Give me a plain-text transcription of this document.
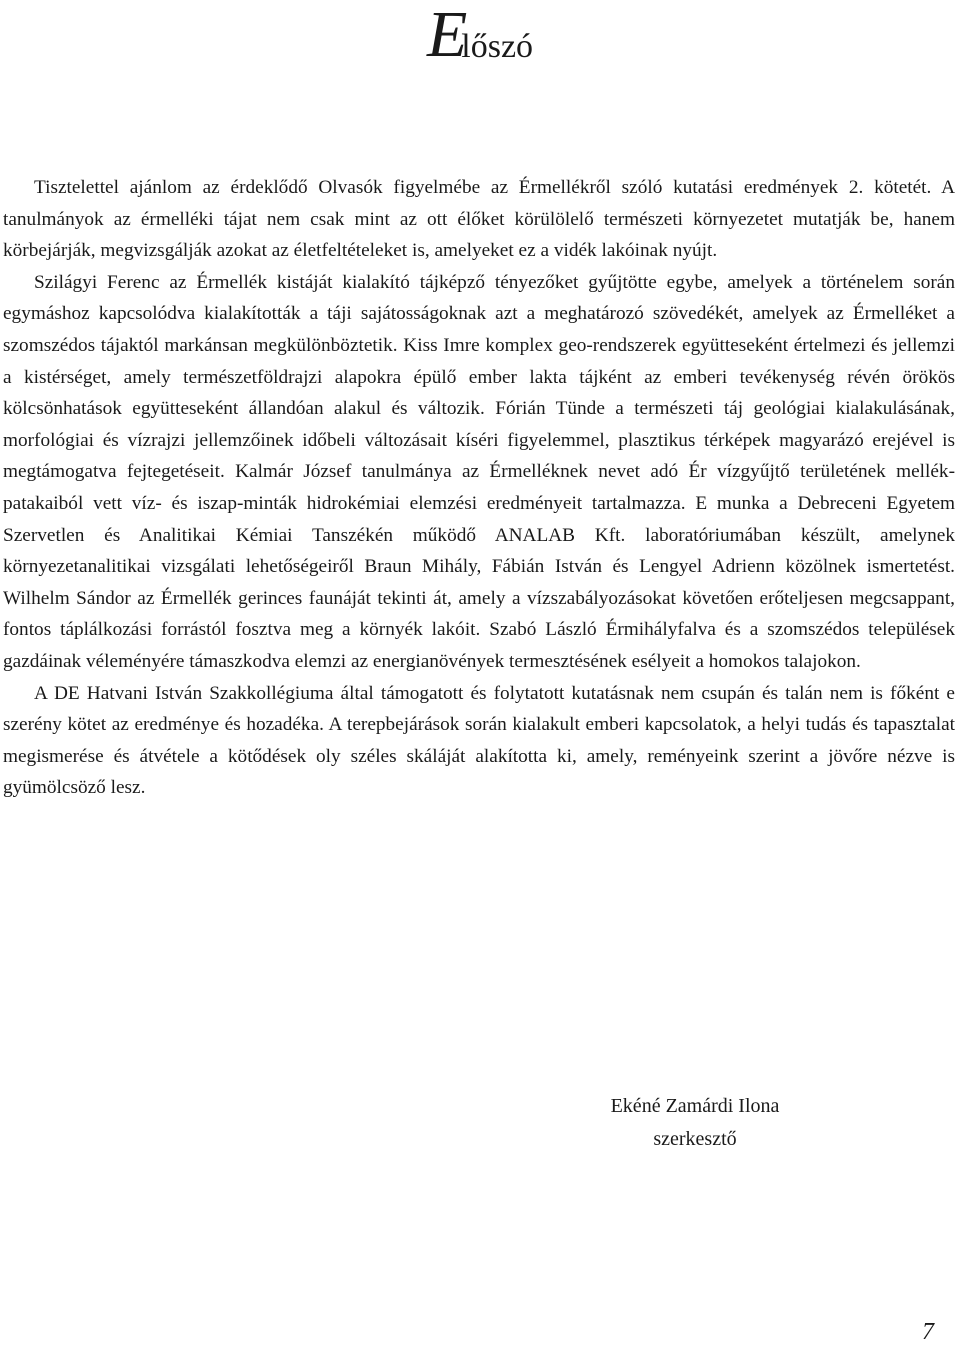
Előszó

Tisztelettel ajánlom az érdeklődő Olvasók figyelmébe az Érmellékről szóló kutatási eredmények 2. kötetét. A tanulmányok az érmelléki tájat nem csak mint az ott élőket körülölelő természeti környezetet mutatják be, hanem körbejárják, megvizsgálják azokat az életfeltételeket is, amelyeket ez a vidék lakóinak nyújt.

Szilágyi Ferenc az Érmellék kistáját kialakító tájképző tényezőket gyűjtötte egybe, amelyek a történelem során egymáshoz kapcsolódva kialakították a táji sajátosságoknak azt a meghatározó szövedékét, amelyek az Érmelléket a szomszédos tájaktól markánsan megkülönböztetik. Kiss Imre komplex geo-rendszerek együtteseként értelmezi és jellemzi a kistérséget, amely természetföldrajzi alapokra épülő ember lakta tájként az emberi tevékenység révén örökös kölcsönhatások együtteseként állandóan alakul és változik. Fórián Tünde a természeti táj geológiai kialakulásának, morfológiai és vízrajzi jellemzőinek időbeli változásait kíséri figyelemmel, plasztikus térképek magyarázó erejével is megtámogatva fejtegetéseit. Kalmár József tanulmánya az Érmelléknek nevet adó Ér vízgyűjtő területének mellék-patakaiból vett víz- és iszap-minták hidrokémiai elemzési eredményeit tartalmazza. E munka a Debreceni Egyetem Szervetlen és Analitikai Kémiai Tanszékén működő ANALAB Kft. laboratóriumában készült, amelynek környezetanalitikai vizsgálati lehetőségeiről Braun Mihály, Fábián István és Lengyel Adrienn közölnek ismertetést. Wilhelm Sándor az Érmellék gerinces faunáját tekinti át, amely a vízszabályozásokat követően erőteljesen megcsappant, fontos táplálkozási forrástól fosztva meg a környék lakóit. Szabó László Érmihályfalva és a szomszédos települések gazdáinak véleményére támaszkodva elemzi az energianövények termesztésének esélyeit a homokos talajokon.

A DE Hatvani István Szakkollégiuma által támogatott és folytatott kutatásnak nem csupán és talán nem is főként e szerény kötet az eredménye és hozadéka. A terepbejárások során kialakult emberi kapcsolatok, a helyi tudás és tapasztalat megismerése és átvétele a kötődések oly széles skáláját alakította ki, amely, reményeink szerint a jövőre nézve is gyümölcsöző lesz.

Ekéné Zamárdi Ilona
szerkesztő
7
